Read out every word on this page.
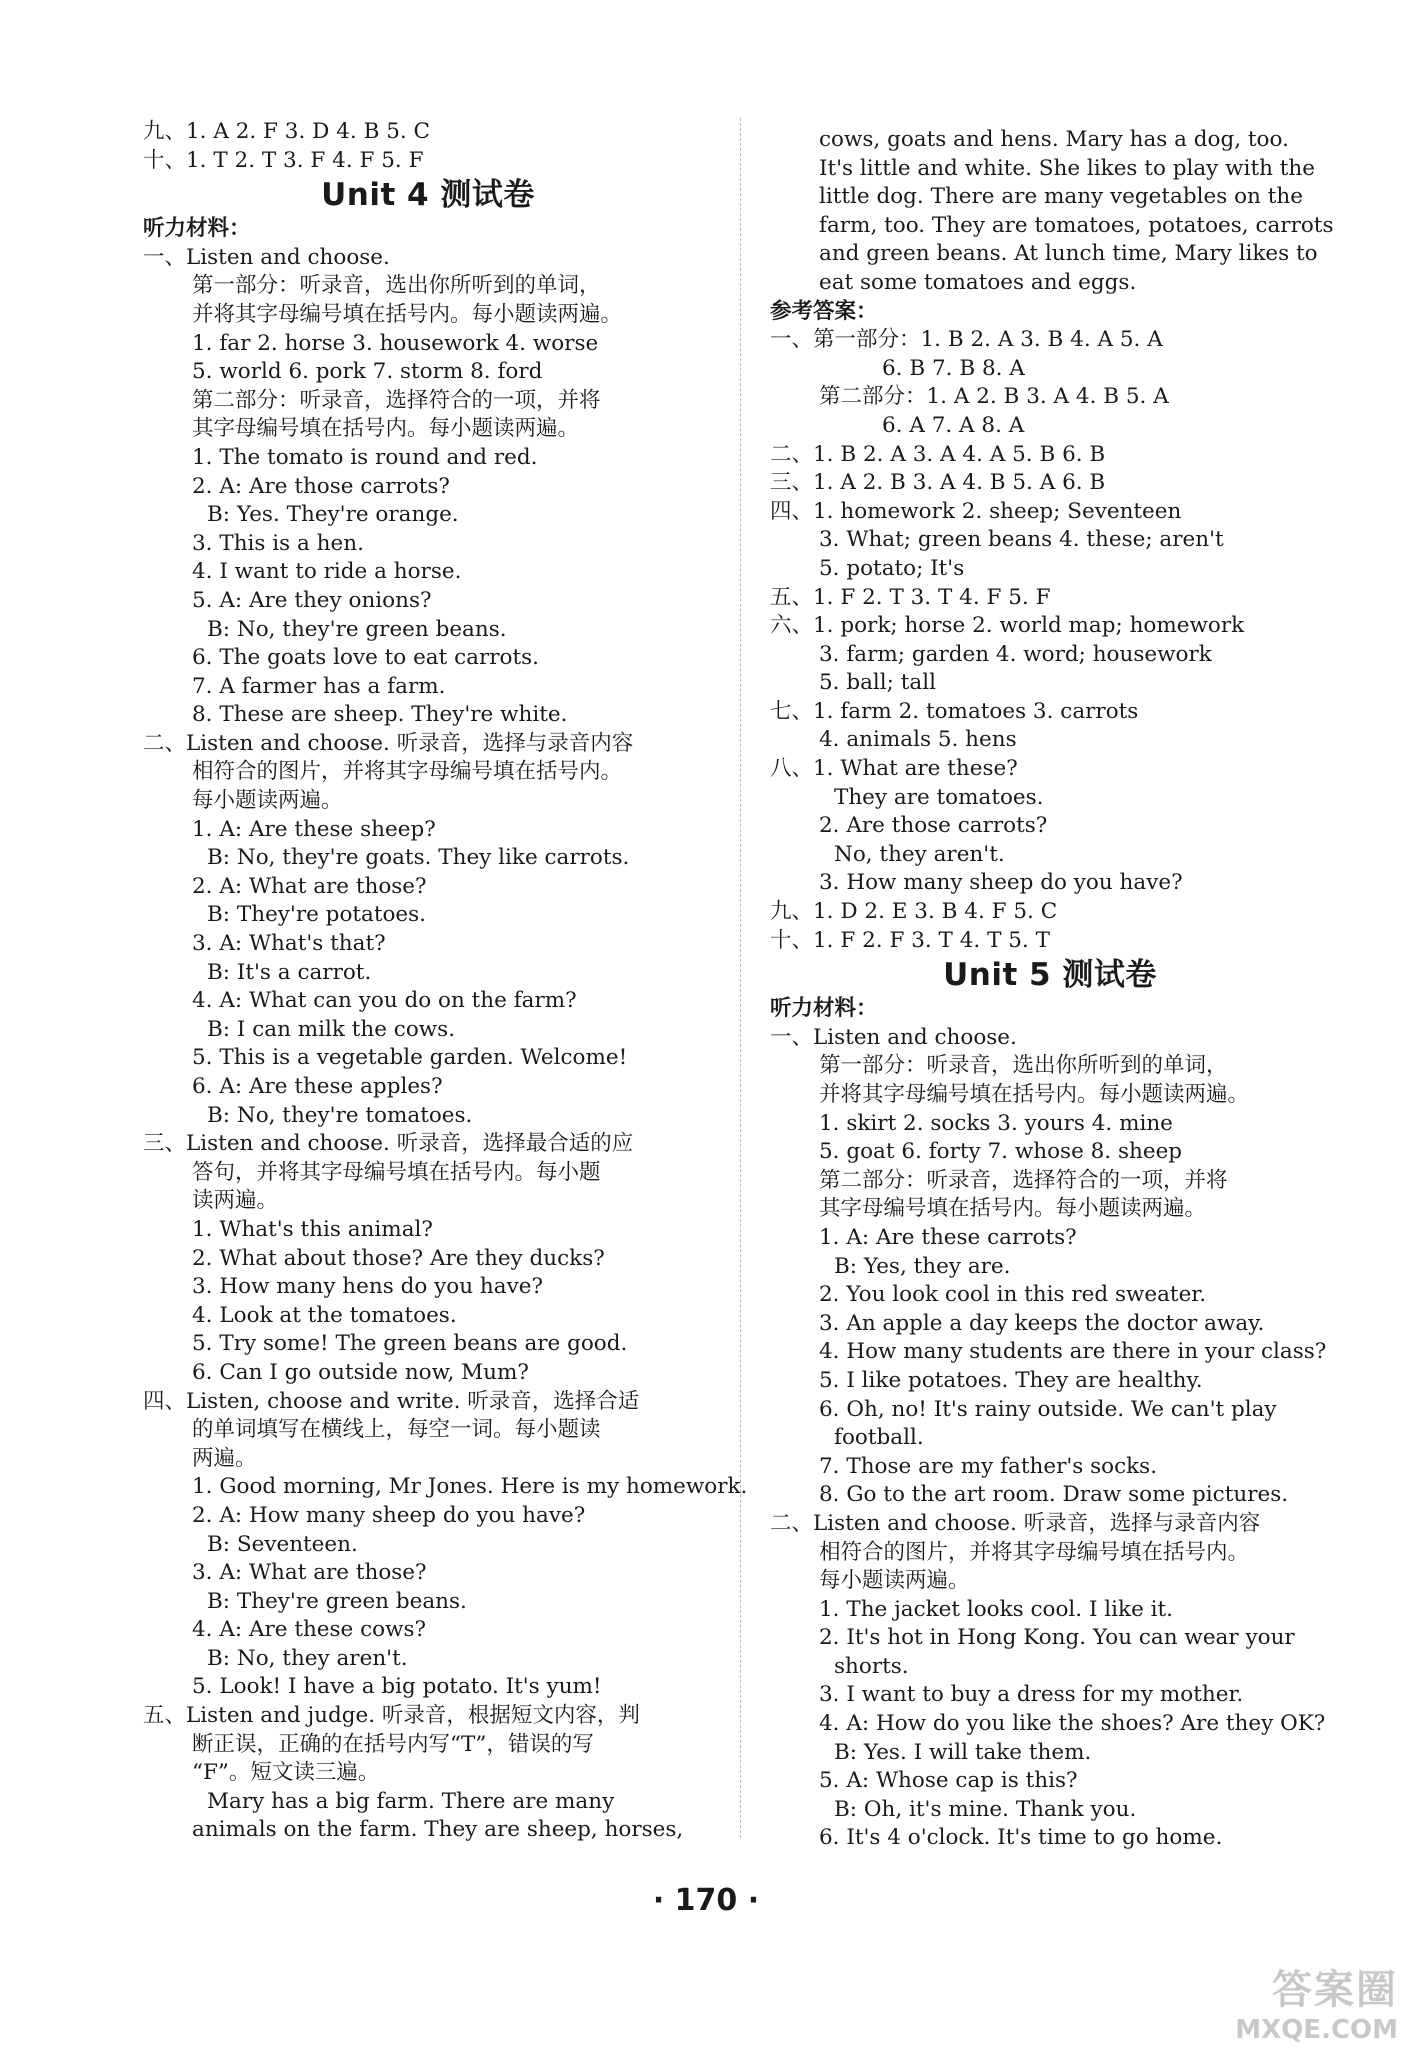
九、1. A 2. F 3. D 4. B 5. C
十、1. T 2. T 3. F 4. F 5. F
Unit 4 测试卷
听力材料：
一、Listen and choose.
第一部分：听录音，选出你所听到的单词，
并将其字母编号填在括号内。每小题读两遍。
1. far 2. horse 3. housework 4. worse
5. world 6. pork 7. storm 8. ford
第二部分：听录音，选择符合的一项，并将
其字母编号填在括号内。每小题读两遍。
1. The tomato is round and red.
2. A: Are those carrots?
B: Yes. They're orange.
3. This is a hen.
4. I want to ride a horse.
5. A: Are they onions?
B: No, they're green beans.
6. The goats love to eat carrots.
7. A farmer has a farm.
8. These are sheep. They're white.
二、Listen and choose. 听录音，选择与录音内容
相符合的图片，并将其字母编号填在括号内。
每小题读两遍。
1. A: Are these sheep?
B: No, they're goats. They like carrots.
2. A: What are those?
B: They're potatoes.
3. A: What's that?
B: It's a carrot.
4. A: What can you do on the farm?
B: I can milk the cows.
5. This is a vegetable garden. Welcome!
6. A: Are these apples?
B: No, they're tomatoes.
三、Listen and choose. 听录音，选择最合适的应
答句，并将其字母编号填在括号内。每小题
读两遍。
1. What's this animal?
2. What about those? Are they ducks?
3. How many hens do you have?
4. Look at the tomatoes.
5. Try some! The green beans are good.
6. Can I go outside now, Mum?
四、Listen, choose and write. 听录音，选择合适
的单词填写在横线上，每空一词。每小题读
两遍。
1. Good morning, Mr Jones. Here is my homework.
2. A: How many sheep do you have?
B: Seventeen.
3. A: What are those?
B: They're green beans.
4. A: Are these cows?
B: No, they aren't.
5. Look! I have a big potato. It's yum!
五、Listen and judge. 听录音，根据短文内容，判
断正误，正确的在括号内写“T”，错误的写
“F”。短文读三遍。
Mary has a big farm. There are many
animals on the farm. They are sheep, horses,
cows, goats and hens. Mary has a dog, too.
It's little and white. She likes to play with the
little dog. There are many vegetables on the
farm, too. They are tomatoes, potatoes, carrots
and green beans. At lunch time, Mary likes to
eat some tomatoes and eggs.
参考答案：
一、第一部分：1. B 2. A 3. B 4. A 5. A
6. B 7. B 8. A
第二部分：1. A 2. B 3. A 4. B 5. A
6. A 7. A 8. A
二、1. B 2. A 3. A 4. A 5. B 6. B
三、1. A 2. B 3. A 4. B 5. A 6. B
四、1. homework 2. sheep; Seventeen
3. What; green beans 4. these; aren't
5. potato; It's
五、1. F 2. T 3. T 4. F 5. F
六、1. pork; horse 2. world map; homework
3. farm; garden 4. word; housework
5. ball; tall
七、1. farm 2. tomatoes 3. carrots
4. animals 5. hens
八、1. What are these?
They are tomatoes.
2. Are those carrots?
No, they aren't.
3. How many sheep do you have?
九、1. D 2. E 3. B 4. F 5. C
十、1. F 2. F 3. T 4. T 5. T
Unit 5 测试卷
听力材料：
一、Listen and choose.
第一部分：听录音，选出你所听到的单词，
并将其字母编号填在括号内。每小题读两遍。
1. skirt 2. socks 3. yours 4. mine
5. goat 6. forty 7. whose 8. sheep
第二部分：听录音，选择符合的一项，并将
其字母编号填在括号内。每小题读两遍。
1. A: Are these carrots?
B: Yes, they are.
2. You look cool in this red sweater.
3. An apple a day keeps the doctor away.
4. How many students are there in your class?
5. I like potatoes. They are healthy.
6. Oh, no! It's rainy outside. We can't play
football.
7. Those are my father's socks.
8. Go to the art room. Draw some pictures.
二、Listen and choose. 听录音，选择与录音内容
相符合的图片，并将其字母编号填在括号内。
每小题读两遍。
1. The jacket looks cool. I like it.
2. It's hot in Hong Kong. You can wear your
shorts.
3. I want to buy a dress for my mother.
4. A: How do you like the shoes? Are they OK?
B: Yes. I will take them.
5. A: Whose cap is this?
B: Oh, it's mine. Thank you.
6. It's 4 o'clock. It's time to go home.
· 170 ·
答案圈
MXQE.COM
